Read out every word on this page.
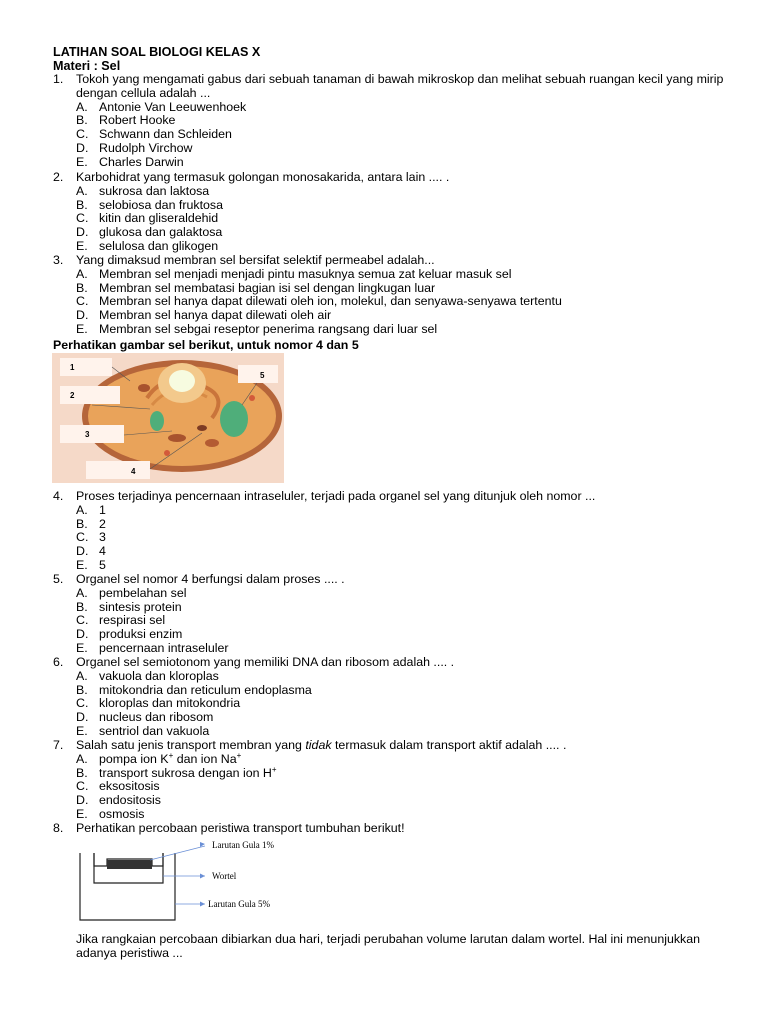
LATIHAN SOAL BIOLOGI KELAS X
Materi : Sel
1.	Tokoh yang mengamati gabus dari sebuah tanaman di bawah mikroskop dan melihat sebuah ruangan kecil yang mirip dengan cellula adalah ...
A. Antonie Van Leeuwenhoek
B. Robert Hooke
C. Schwann dan Schleiden
D. Rudolph Virchow
E. Charles Darwin
2.	Karbohidrat yang termasuk golongan monosakarida, antara lain .... .
A. sukrosa dan laktosa
B. selobiosa dan fruktosa
C. kitin dan gliseraldehid
D. glukosa dan galaktosa
E. selulosa dan glikogen
3.	Yang dimaksud membran sel bersifat selektif permeabel adalah...
A. Membran sel menjadi menjadi pintu masuknya semua zat keluar masuk sel
B. Membran sel membatasi bagian isi sel dengan lingkugan luar
C. Membran sel hanya dapat dilewati oleh ion, molekul, dan senyawa-senyawa tertentu
D. Membran sel hanya dapat dilewati oleh air
E. Membran sel sebgai reseptor penerima rangsang dari luar sel
Perhatikan gambar sel berikut, untuk nomor 4 dan 5
1
2
3
4
5
4.	Proses terjadinya pencernaan intraseluler, terjadi pada organel sel yang ditunjuk oleh nomor ...
A. 1
B. 2
C. 3
D. 4
E. 5
5.	Organel sel nomor 4 berfungsi dalam proses .... .
A. pembelahan sel
B. sintesis protein
C. respirasi sel
D. produksi enzim
E. pencernaan intraseluler
6.	Organel sel semiotonom yang memiliki DNA dan ribosom adalah .... .
A. vakuola dan kloroplas
B. mitokondria dan reticulum endoplasma
C. kloroplas dan mitokondria
D. nucleus dan ribosom
E. sentriol dan vakuola
7.	Salah satu jenis transport membran yang tidak termasuk dalam transport aktif adalah .... .
A. pompa ion K+ dan ion Na+
B. transport sukrosa dengan ion H+
C. eksositosis
D. endositosis
E. osmosis
8.	Perhatikan percobaan peristiwa transport tumbuhan berikut!
Larutan Gula 1%
Wortel
Larutan Gula 5%
Jika rangkaian percobaan dibiarkan dua hari, terjadi perubahan volume larutan dalam wortel. Hal ini menunjukkan adanya peristiwa ...
